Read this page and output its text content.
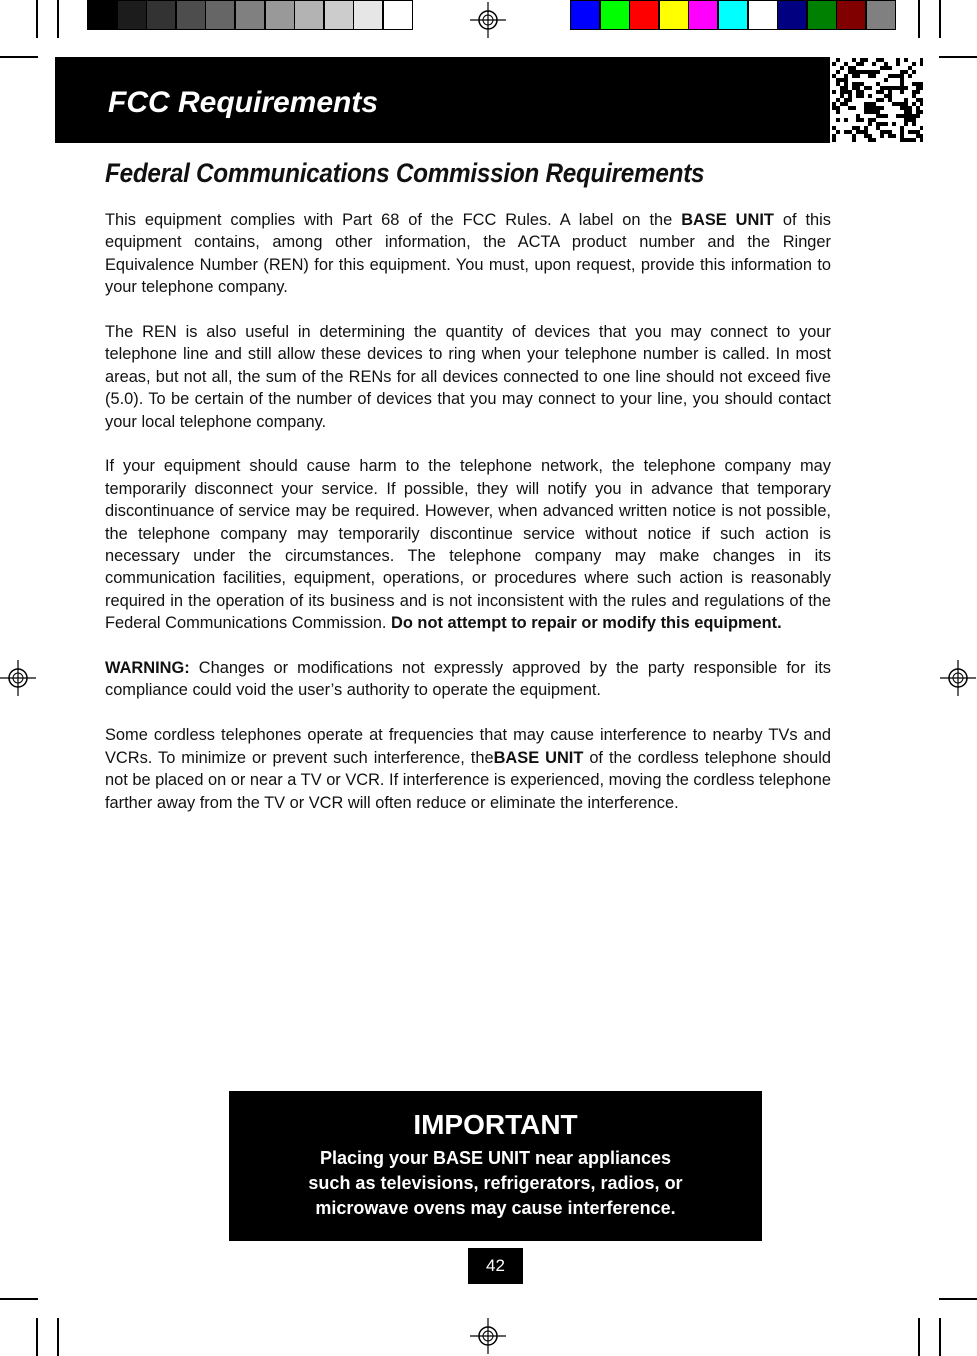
FCC Requirements
Federal Communications Commission Requirements

This equipment complies with Part 68 of the FCC Rules. A label on the BASE UNIT of this equipment contains, among other information, the ACTA product number and the Ringer Equivalence Number (REN) for this equipment. You must, upon request, provide this information to your telephone company.

The REN is also useful in determining the quantity of devices that you may connect to your telephone line and still allow these devices to ring when your telephone number is called. In most areas, but not all, the sum of the RENs for all devices connected to one line should not exceed five (5.0). To be certain of the number of devices that you may connect to your line, you should contact your local telephone company.

If your equipment should cause harm to the telephone network, the telephone company may temporarily disconnect your service. If possible, they will notify you in advance that temporary discontinuance of service may be required. However, when advanced written notice is not possible, the telephone company may temporarily discontinue service without notice if such action is necessary under the circumstances. The telephone company may make changes in its communication facilities, equipment, operations, or procedures where such action is reasonably required in the operation of its business and is not inconsistent with the rules and regulations of the Federal Communications Commission. Do not attempt to repair or modify this equipment.

WARNING: Changes or modifications not expressly approved by the party responsible for its compliance could void the user’s authority to operate the equipment.

Some cordless telephones operate at frequencies that may cause interference to nearby TVs and VCRs. To minimize or prevent such interference, theBASE UNIT of the cordless telephone should not be placed on or near a TV or VCR. If interference is experienced, moving the cordless telephone farther away from the TV or VCR will often reduce or eliminate the interference.

IMPORTANT
Placing your BASE UNIT near appliances
such as televisions, refrigerators, radios, or
microwave ovens may cause interference.
42
